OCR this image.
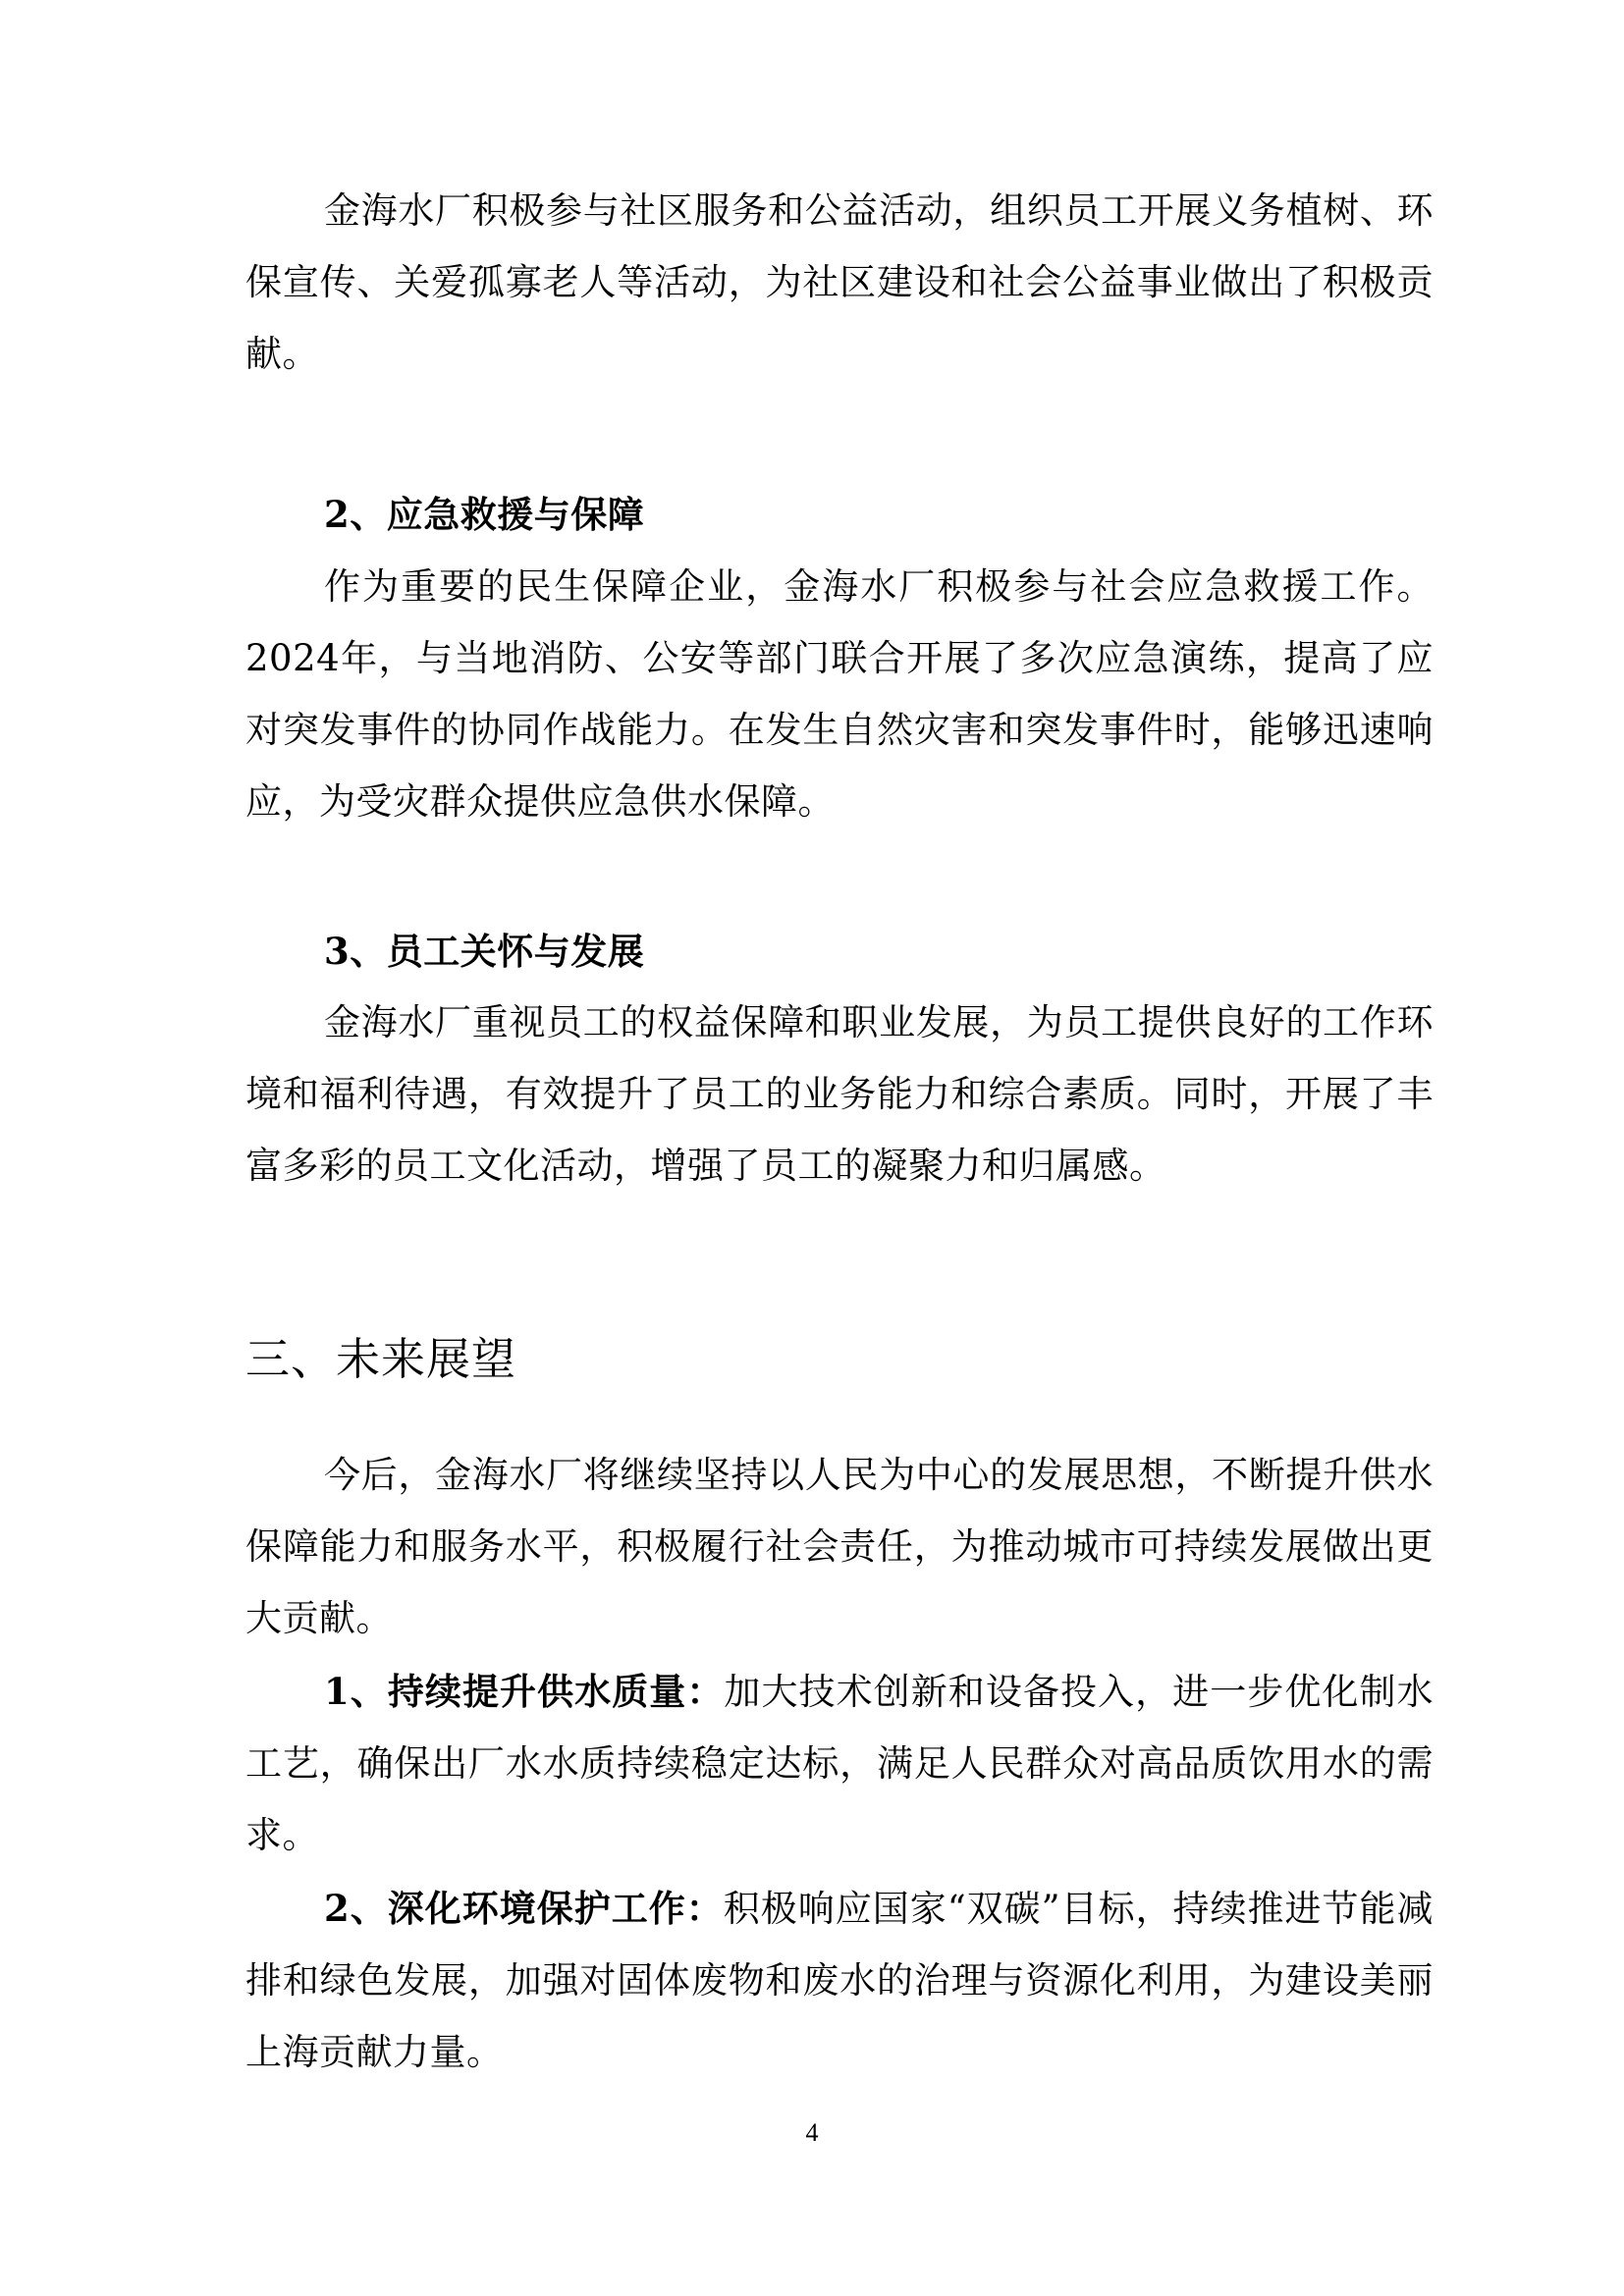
金海水厂积极参与社区服务和公益活动，组织员工开展义务植树、环保宣传、关爱孤寡老人等活动，为社区建设和社会公益事业做出了积极贡献。

2、应急救援与保障

作为重要的民生保障企业，金海水厂积极参与社会应急救援工作。2024年，与当地消防、公安等部门联合开展了多次应急演练，提高了应对突发事件的协同作战能力。在发生自然灾害和突发事件时，能够迅速响应，为受灾群众提供应急供水保障。

3、员工关怀与发展

金海水厂重视员工的权益保障和职业发展，为员工提供良好的工作环境和福利待遇，有效提升了员工的业务能力和综合素质。同时，开展了丰富多彩的员工文化活动，增强了员工的凝聚力和归属感。

三、未来展望

今后，金海水厂将继续坚持以人民为中心的发展思想，不断提升供水保障能力和服务水平，积极履行社会责任，为推动城市可持续发展做出更大贡献。

1、持续提升供水质量：加大技术创新和设备投入，进一步优化制水工艺，确保出厂水水质持续稳定达标，满足人民群众对高品质饮用水的需求。

2、深化环境保护工作：积极响应国家“双碳”目标，持续推进节能减排和绿色发展，加强对固体废物和废水的治理与资源化利用，为建设美丽上海贡献力量。

4
